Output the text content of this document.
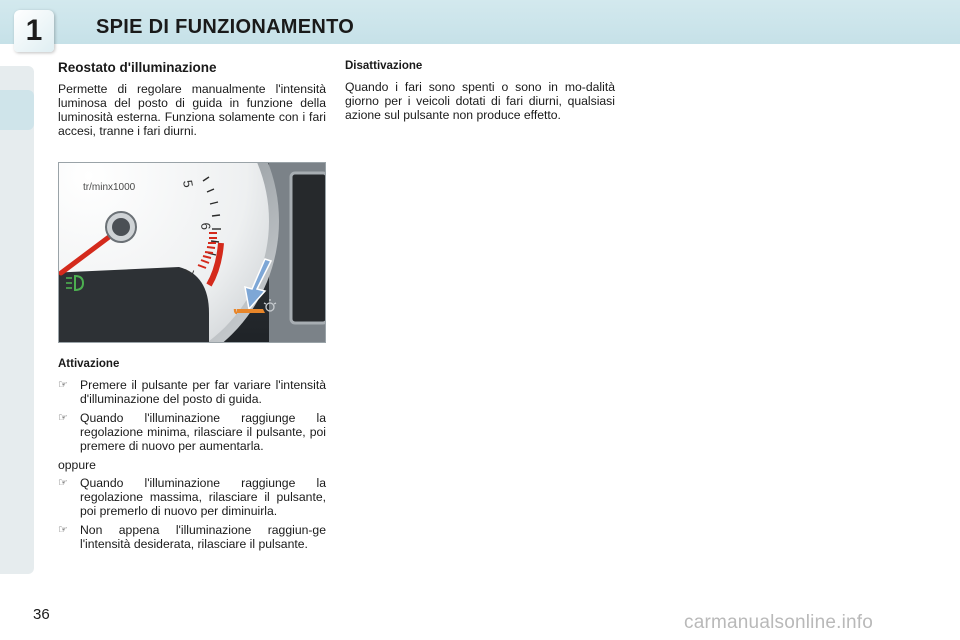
1	SPIE DI FUNZIONAMENTO
Reostato d'illuminazione

Permette di regolare manualmente l'intensità luminosa del posto di guida in funzione della luminosità esterna. Funziona solamente con i fari accesi, tranne i fari diurni.

tr/minx1000	5
6
7
Attivazione
☞ Premere il pulsante per far variare l'intensità d'illuminazione del posto di guida.
☞ Quando l'illuminazione raggiunge la regolazione minima, rilasciare il pulsante, poi premere di nuovo per aumentarla.

oppure

☞ Quando l'illuminazione raggiunge la regolazione massima, rilasciare il pulsante, poi premerlo di nuovo per diminuirla.
☞ Non appena l'illuminazione raggiun-ge l'intensità desiderata, rilasciare il pulsante.
Disattivazione

Quando i fari sono spenti o sono in mo-dalità giorno per i veicoli dotati di fari diurni, qualsiasi azione sul pulsante non produce effetto.

36	carmanualsonline.info
